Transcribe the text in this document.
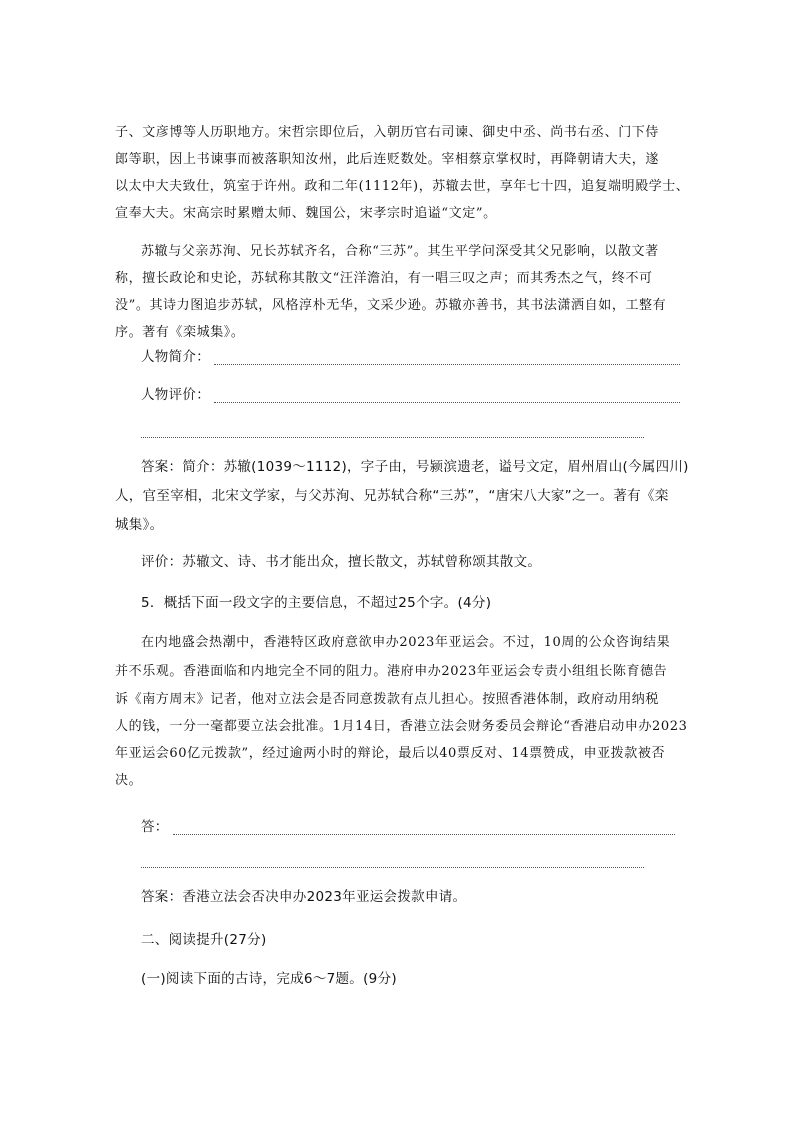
子、文彦博等人历职地方。宋哲宗即位后，入朝历官右司谏、御史中丞、尚书右丞、门下侍
郎等职，因上书谏事而被落职知汝州，此后连贬数处。宰相蔡京掌权时，再降朝请大夫，遂
以太中大夫致仕，筑室于许州。政和二年(1112年)，苏辙去世，享年七十四，追复端明殿学士、
宣奉大夫。宋高宗时累赠太师、魏国公，宋孝宗时追谥“文定”。
苏辙与父亲苏洵、兄长苏轼齐名，合称“三苏”。其生平学问深受其父兄影响，以散文著
称，擅长政论和史论，苏轼称其散文“汪洋澹泊，有一唱三叹之声；而其秀杰之气，终不可
没”。其诗力图追步苏轼，风格淳朴无华，文采少逊。苏辙亦善书，其书法潇洒自如，工整有
序。著有《栾城集》。
人物简介：
人物评价：
答案：简介：苏辙(1039～1112)，字子由，号颍滨遗老，谥号文定，眉州眉山(今属四川)
人，官至宰相，北宋文学家，与父苏洵、兄苏轼合称“三苏”，“唐宋八大家”之一。著有《栾
城集》。
评价：苏辙文、诗、书才能出众，擅长散文，苏轼曾称颂其散文。
5．概括下面一段文字的主要信息，不超过25个字。(4分)
在内地盛会热潮中，香港特区政府意欲申办2023年亚运会。不过，10周的公众咨询结果
并不乐观。香港面临和内地完全不同的阻力。港府申办2023年亚运会专责小组组长陈育德告
诉《南方周末》记者，他对立法会是否同意拨款有点儿担心。按照香港体制，政府动用纳税
人的钱，一分一毫都要立法会批准。1月14日，香港立法会财务委员会辩论“香港启动申办2023
年亚运会60亿元拨款”，经过逾两小时的辩论，最后以40票反对、14票赞成，申亚拨款被否
决。
答：
答案：香港立法会否决申办2023年亚运会拨款申请。
二、阅读提升(27分)
(一)阅读下面的古诗，完成6～7题。(9分)
